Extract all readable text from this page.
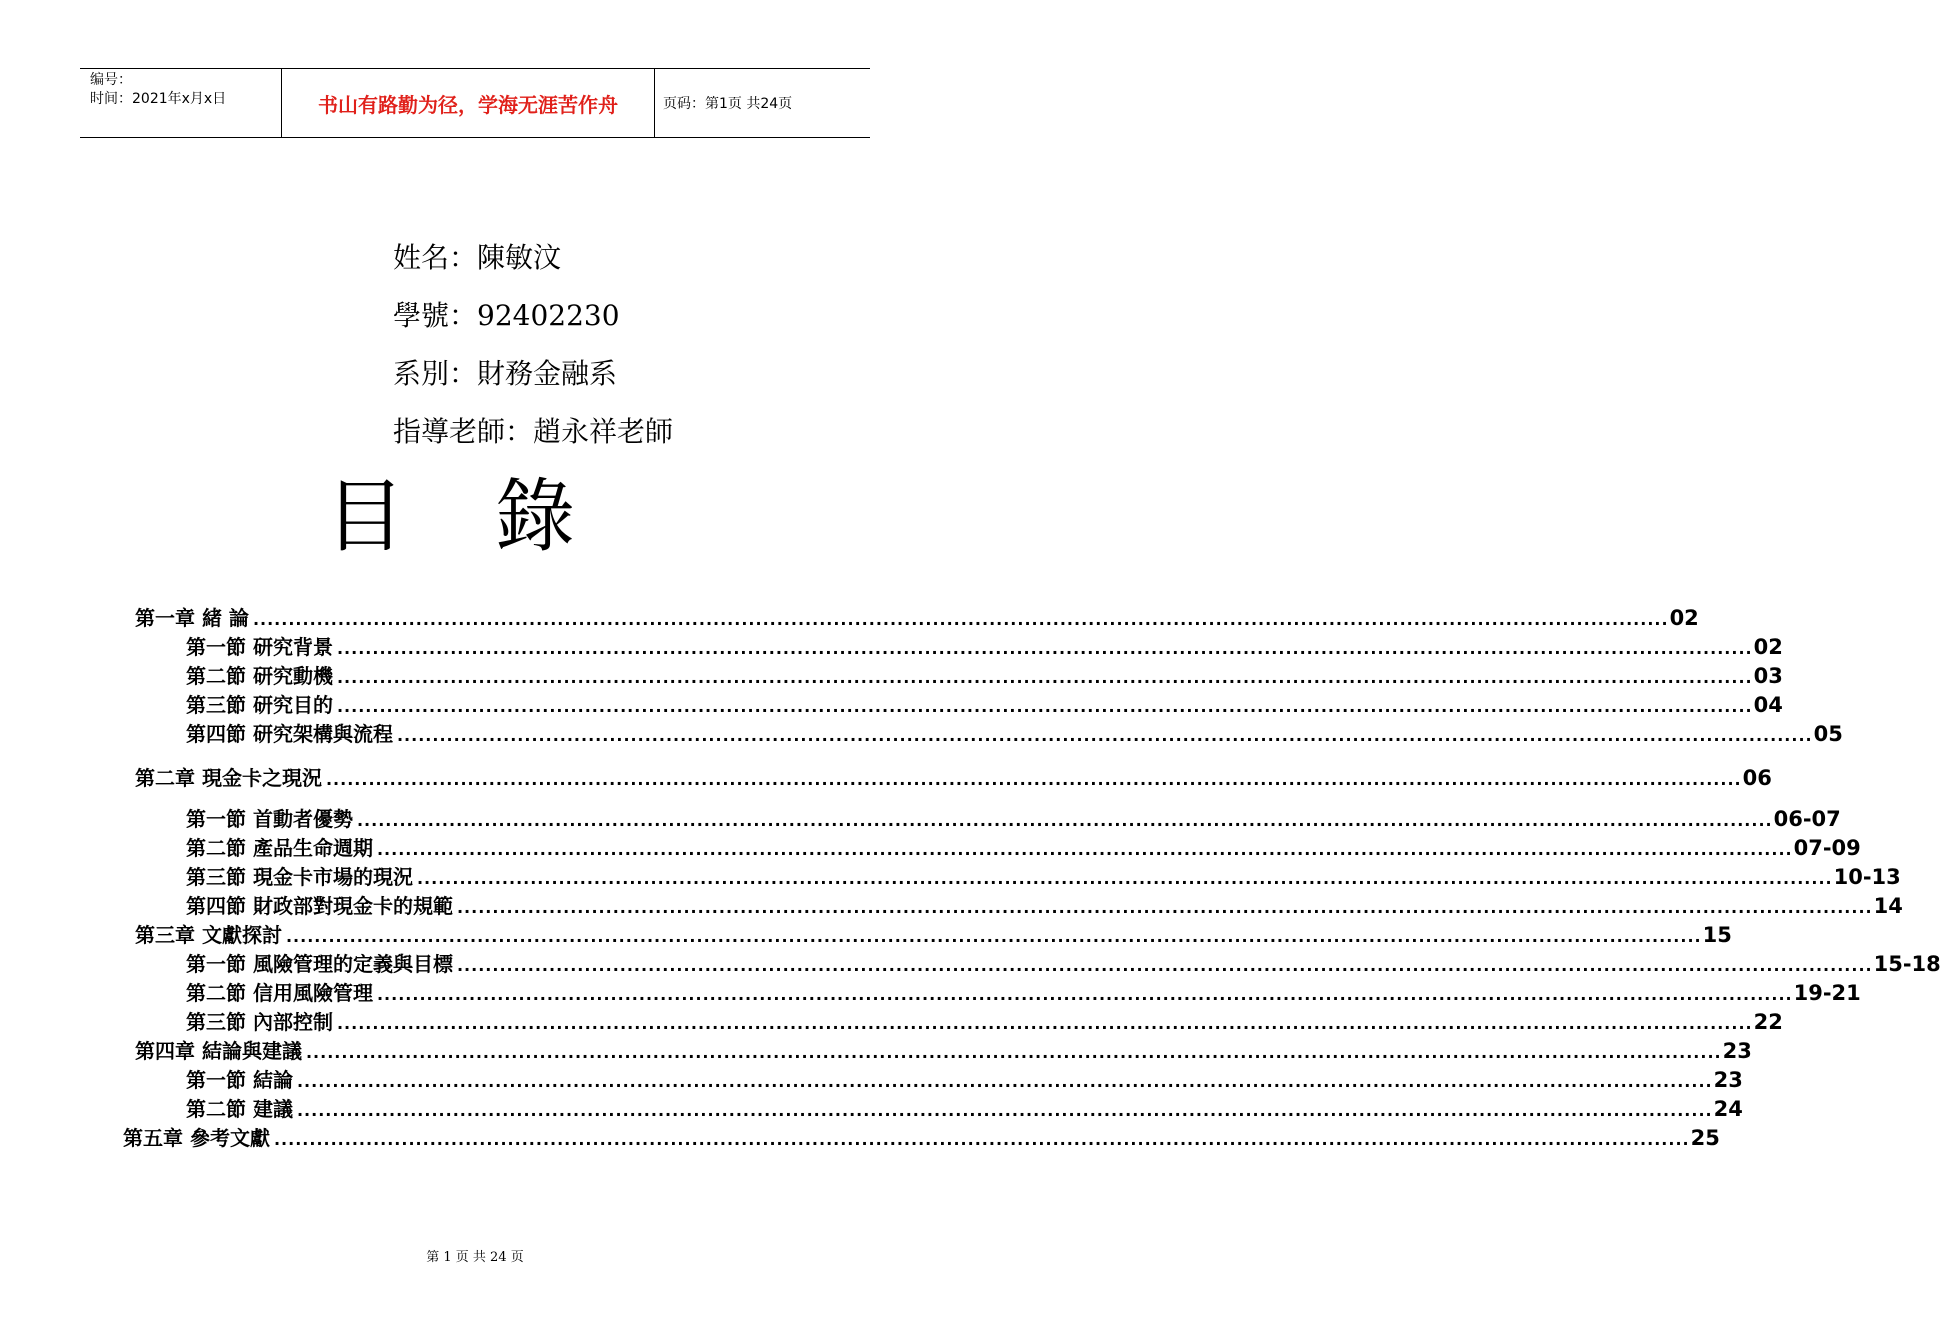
编号：
时间：2021年x月x日	书山有路勤为径，学海无涯苦作舟	页码：第1页 共24页
姓名：陳敏汶
學號：92402230
系別：財務金融系
指導老師：趙永祥老師
目錄
第一章 緒 論 ........................................................................................................................................................................................................ 02
第一節 研究背景 ........................................................................................................................................................................................................ 02
第二節 研究動機 ........................................................................................................................................................................................................ 03
第三節 研究目的 ........................................................................................................................................................................................................ 04
第四節 研究架構與流程 ........................................................................................................................................................................................................ 05
第二章 現金卡之現況 ........................................................................................................................................................................................................ 06
第一節 首動者優勢 ........................................................................................................................................................................................................ 06-07
第二節 產品生命週期 ........................................................................................................................................................................................................ 07-09
第三節 現金卡市場的現況 ........................................................................................................................................................................................................ 10-13
第四節 財政部對現金卡的規範 ........................................................................................................................................................................................................ 14
第三章 文獻探討 ........................................................................................................................................................................................................ 15
第一節 風險管理的定義與目標 ........................................................................................................................................................................................................ 15-18
第二節 信用風險管理 ........................................................................................................................................................................................................ 19-21
第三節 內部控制 ........................................................................................................................................................................................................ 22
第四章 結論與建議 ........................................................................................................................................................................................................ 23
第一節 結論 ........................................................................................................................................................................................................ 23
第二節 建議 ........................................................................................................................................................................................................ 24
第五章 參考文獻 ........................................................................................................................................................................................................ 25
第 1 页 共 24 页
